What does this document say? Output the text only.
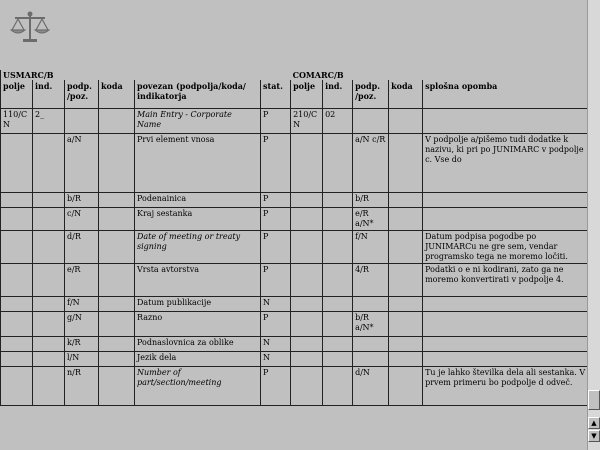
USMARC/B						COMARC/B				
polje	ind.	podp. /poz.	koda	povezan (podpolja/koda/ indikatorja	stat.	polje	ind.	podp. /poz.	koda	splošna opomba
110/CN	2_			Main Entry - Corporate Name	P	210/CN	02			
		a/N		Prvi element vnosa	P			a/N c/R		V podpolje a/pišemo tudi dodatke k nazivu, ki pri po JUNIMARC v podpolje c. Vse do
		b/R		Podenainica	P			b/R		
		c/N		Kraj sestanka	P			e/R a/N*		
		d/R		Date of meeting or treaty signing	P			f/N		Datum podpisa pogodbe po JUNIMARCu ne gre sem, vendar programsko tega ne moremo ločiti.
		e/R		Vrsta avtorstva	P			4/R		Podatki o e ni kodirani, zato ga ne moremo konvertirati v podpolje 4.
		f/N		Datum publikacije	N					
		g/N		Razno	P			b/R a/N*		
		k/R		Podnaslovnica za oblike	N					
		l/N		Jezik dela	N					
		n/R		Number of part/section/meeting	P			d/N		Tu je lahko številka dela ali sestanka. V prvem primeru bo podpolje d odveč.
▲
▼
